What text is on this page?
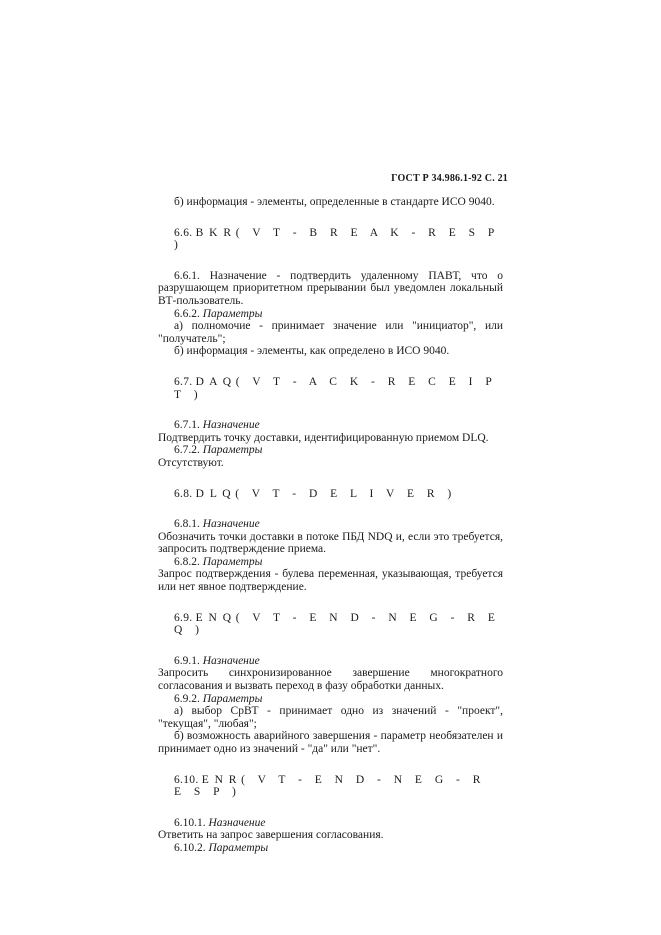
ГОСТ Р 34.986.1-92 С. 21

б) информация - элементы, определенные в стандарте ИСО 9040.

6.6. B K R ( V T - B R E A K - R E S P )

6.6.1. Назначение - подтвердить удаленному ПАВТ, что о разрушающем приоритетном прерывании был уведомлен локальный ВТ-пользователь.

6.6.2. Параметры

а) полномочие - принимает значение или "инициатор", или "получатель";

б) информация - элементы, как определено в ИСО 9040.

6.7. D A Q ( V T - A C K - R E C E I P T )

6.7.1. Назначение

Подтвердить точку доставки, идентифицированную приемом DLQ.

6.7.2. Параметры

Отсутствуют.

6.8. D L Q ( V T - D E L I V E R )

6.8.1. Назначение

Обозначить точки доставки в потоке ПБД NDQ и, если это требуется, запросить подтверждение приема.

6.8.2. Параметры

Запрос подтверждения - булева переменная, указывающая, требуется или нет явное подтверждение.

6.9. E N Q ( V T - E N D - N E G - R E Q )

6.9.1. Назначение

Запросить синхронизированное завершение многократного согласования и вызвать переход в фазу обработки данных.

6.9.2. Параметры

а) выбор СрВТ - принимает одно из значений - "проект", "текущая", "любая";

б) возможность аварийного завершения - параметр необязателен и принимает одно из значений - "да" или "нет".

6.10. E N R ( V T - E N D - N E G - R E S P )

6.10.1. Назначение

Ответить на запрос завершения согласования.

6.10.2. Параметры
